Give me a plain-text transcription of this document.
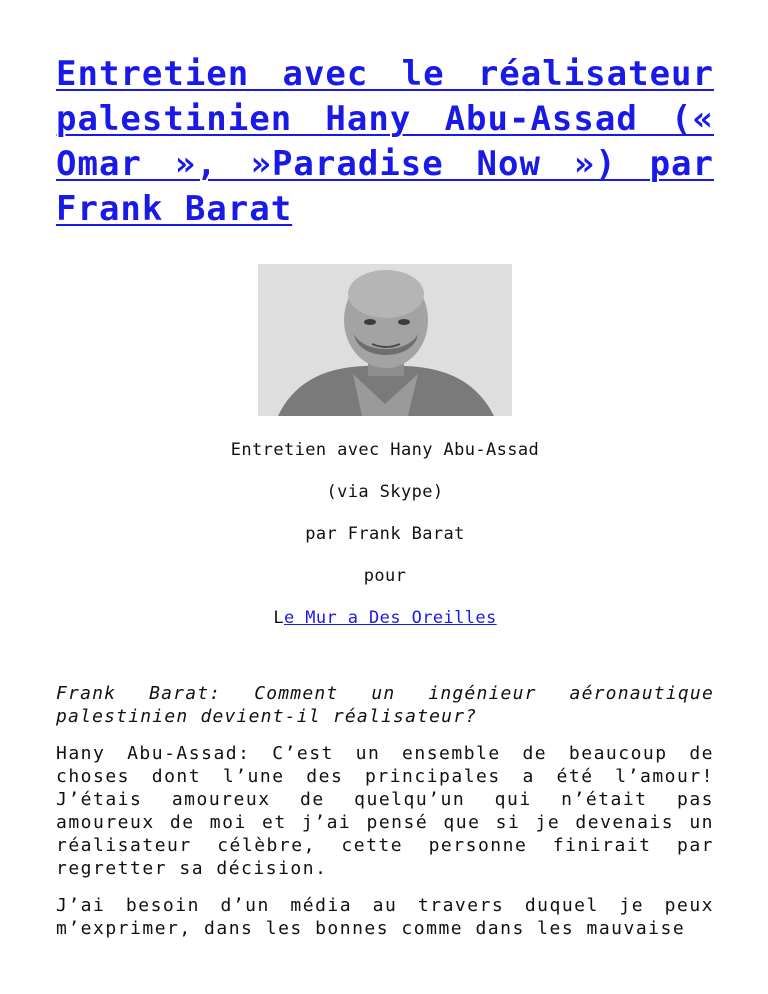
Entretien avec le réalisateur palestinien Hany Abu-Assad (« Omar », »Paradise Now ») par Frank Barat

Entretien avec Hany Abu-Assad

(via Skype)

par Frank Barat

pour

Le Mur a Des Oreilles

Frank Barat: Comment un ingénieur aéronautique palestinien devient-il réalisateur?

Hany Abu-Assad: C’est un ensemble de beaucoup de choses dont l’une des principales a été l’amour! J’étais amoureux de quelqu’un qui n’était pas amoureux de moi et j’ai pensé que si je devenais un réalisateur célèbre, cette personne finirait par regretter sa décision.

J’ai besoin d’un média au travers duquel je peux m’exprimer, dans les bonnes comme dans les mauvaise
